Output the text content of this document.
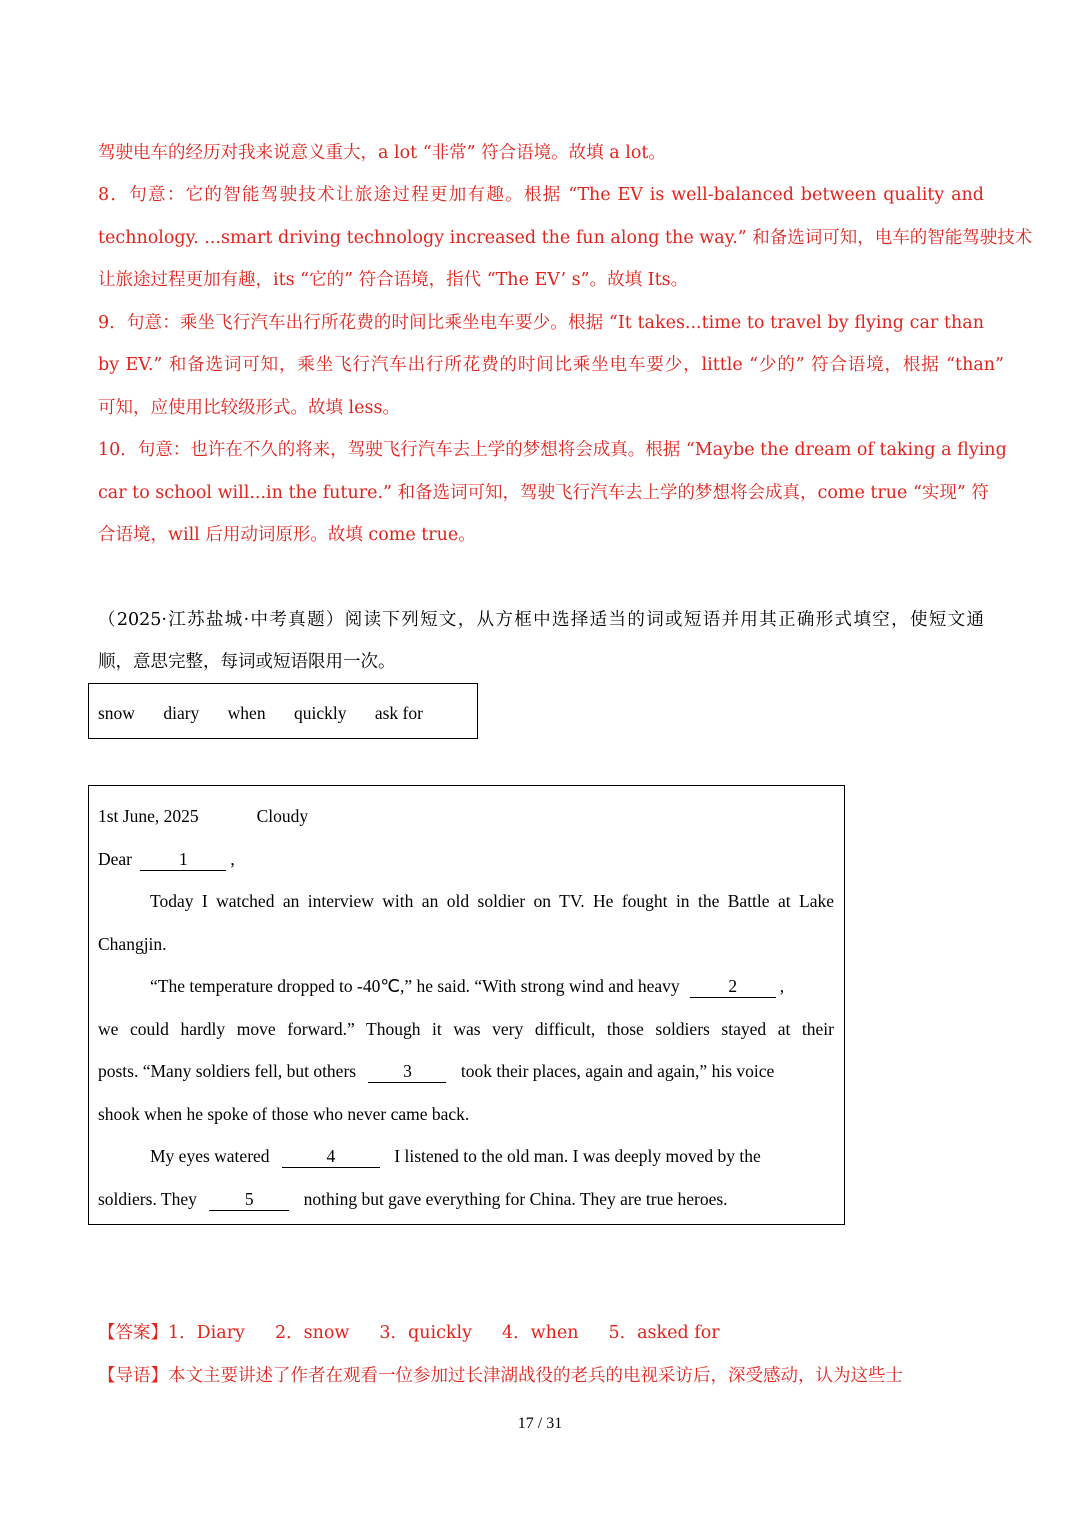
驾驶电车的经历对我来说意义重大，a lot “非常” 符合语境。故填 a lot。
8．句意：它的智能驾驶技术让旅途过程更加有趣。根据 “The EV is well-balanced between quality and
technology. ...smart driving technology increased the fun along the way.” 和备选词可知，电车的智能驾驶技术
让旅途过程更加有趣，its “它的” 符合语境，指代 “The EV’ s”。故填 Its。
9．句意：乘坐飞行汽车出行所花费的时间比乘坐电车要少。根据 “It takes...time to travel by flying car than
by EV.” 和备选词可知，乘坐飞行汽车出行所花费的时间比乘坐电车要少，little “少的” 符合语境，根据 “than”
可知，应使用比较级形式。故填 less。
10．句意：也许在不久的将来，驾驶飞行汽车去上学的梦想将会成真。根据 “Maybe the dream of taking a flying
car to school will...in the future.” 和备选词可知，驾驶飞行汽车去上学的梦想将会成真，come true “实现” 符
合语境，will 后用动词原形。故填 come true。
（2025·江苏盐城·中考真题）阅读下列短文，从方框中选择适当的词或短语并用其正确形式填空，使短文通
顺，意思完整，每词或短语限用一次。
snow diary when quickly ask for
1st June, 2025	Cloudy
Dear	1 ,
Today I watched an interview with an old soldier on TV. He fought in the Battle at Lake
Changjin.
“The temperature dropped to -40℃,” he said. “With strong wind and heavy	2 ,
we could hardly move forward.” Though it was very difficult, those soldiers stayed at their
posts. “Many soldiers fell, but others	3	took their places, again and again,” his voice
shook when he spoke of those who never came back.
My eyes watered	4	I listened to the old man. I was deeply moved by the
soldiers. They	5	nothing but gave everything for China. They are true heroes.
【答案】1．Diary 2．snow 3．quickly 4．when 5．asked for
【导语】本文主要讲述了作者在观看一位参加过长津湖战役的老兵的电视采访后，深受感动，认为这些士
17 / 31
